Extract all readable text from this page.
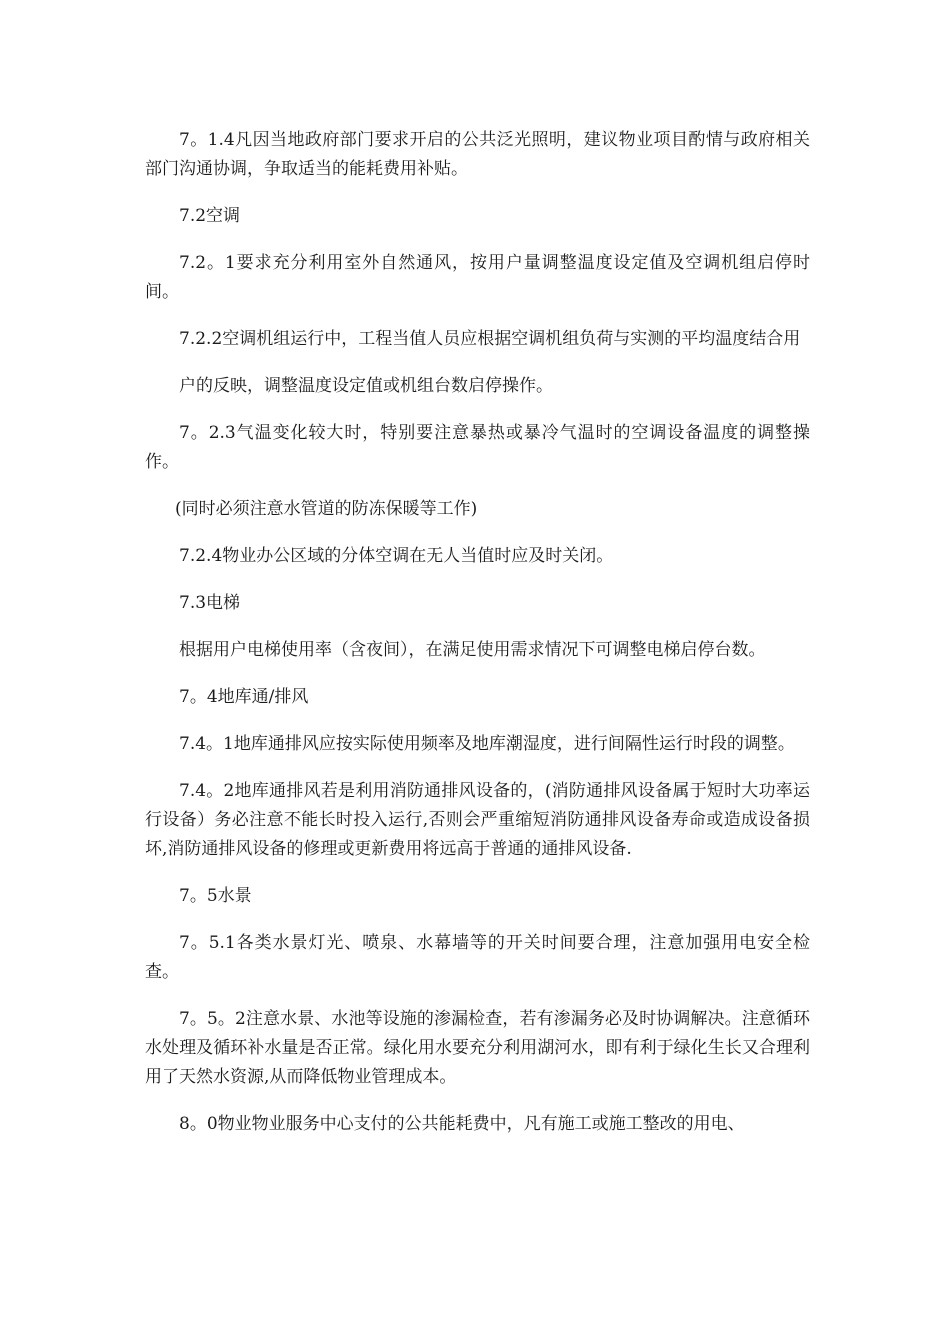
7。1.4凡因当地政府部门要求开启的公共泛光照明，建议物业项目酌情与政府相关部门沟通协调，争取适当的能耗费用补贴。

7.2空调

7.2。1要求充分利用室外自然通风，按用户量调整温度设定值及空调机组启停时间。

7.2.2空调机组运行中，工程当值人员应根据空调机组负荷与实测的平均温度结合用

户的反映，调整温度设定值或机组台数启停操作。

7。2.3气温变化较大时，特别要注意暴热或暴冷气温时的空调设备温度的调整操作。

(同时必须注意水管道的防冻保暖等工作)

7.2.4物业办公区域的分体空调在无人当值时应及时关闭。

7.3电梯

根据用户电梯使用率（含夜间），在满足使用需求情况下可调整电梯启停台数。

7。4地库通/排风

7.4。1地库通排风应按实际使用频率及地库潮湿度，进行间隔性运行时段的调整。

7.4。2地库通排风若是利用消防通排风设备的，(消防通排风设备属于短时大功率运行设备）务必注意不能长时投入运行,否则会严重缩短消防通排风设备寿命或造成设备损坏,消防通排风设备的修理或更新费用将远高于普通的通排风设备.

7。5水景

7。5.1各类水景灯光、喷泉、水幕墙等的开关时间要合理，注意加强用电安全检查。

7。5。2注意水景、水池等设施的渗漏检查，若有渗漏务必及时协调解决。注意循环水处理及循环补水量是否正常。绿化用水要充分利用湖河水，即有利于绿化生长又合理利用了天然水资源,从而降低物业管理成本。

8。0物业物业服务中心支付的公共能耗费中，凡有施工或施工整改的用电、
